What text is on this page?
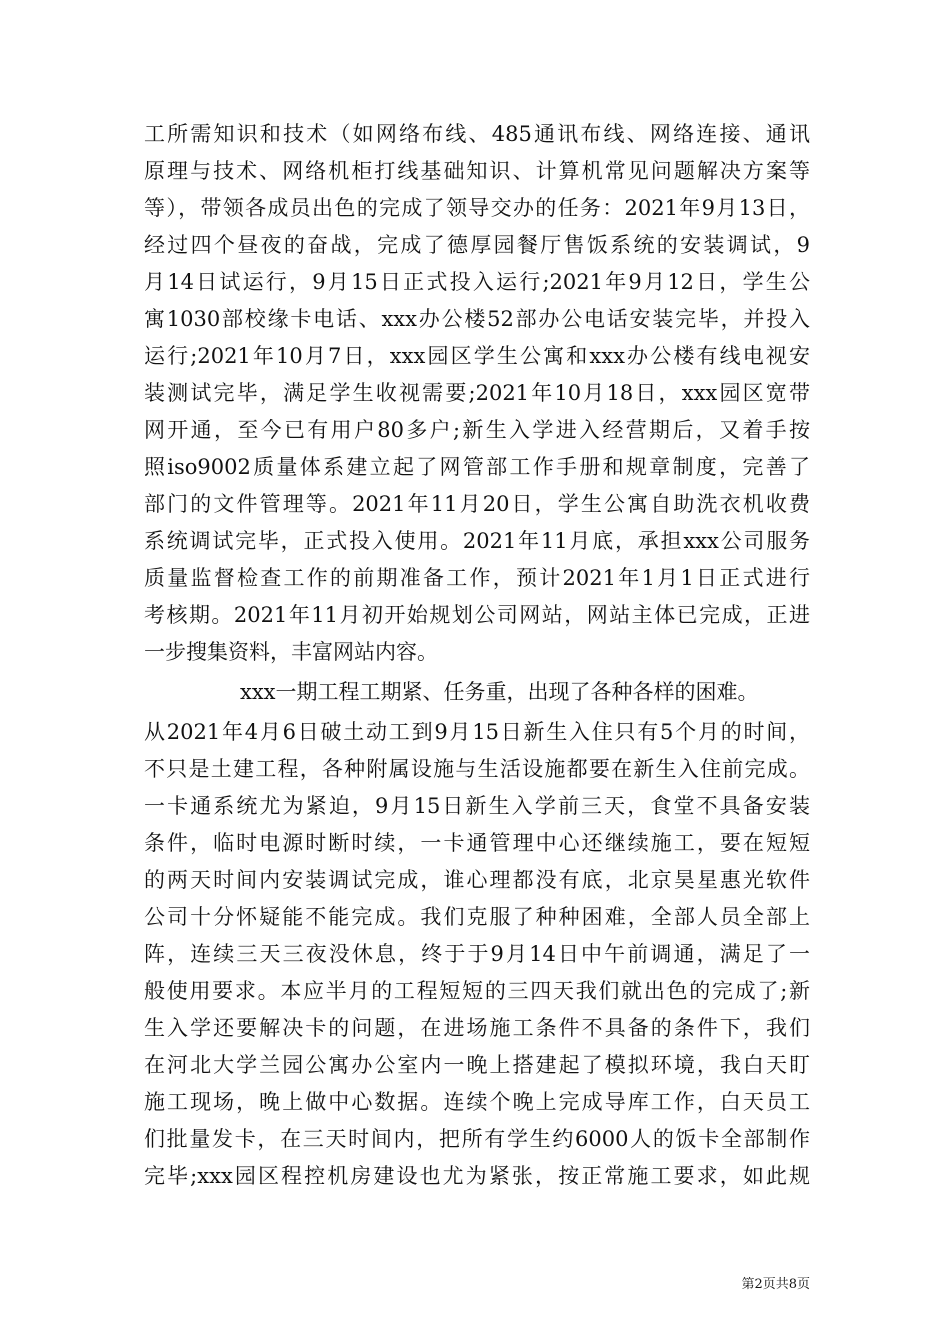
工所需知识和技术（如网络布线、485通讯布线、网络连接、通讯
原理与技术、网络机柜打线基础知识、计算机常见问题解决方案等
等），带领各成员出色的完成了领导交办的任务：2021年9月13日，
经过四个昼夜的奋战，完成了德厚园餐厅售饭系统的安装调试，9
月14日试运行，9月15日正式投入运行;2021年9月12日，学生公
寓1030部校缘卡电话、xxx办公楼52部办公电话安装完毕，并投入
运行;2021年10月7日，xxx园区学生公寓和xxx办公楼有线电视安
装测试完毕，满足学生收视需要;2021年10月18日，xxx园区宽带
网开通，至今已有用户80多户;新生入学进入经营期后，又着手按
照iso9002质量体系建立起了网管部工作手册和规章制度，完善了
部门的文件管理等。2021年11月20日，学生公寓自助洗衣机收费
系统调试完毕，正式投入使用。2021年11月底，承担xxx公司服务
质量监督检查工作的前期准备工作，预计2021年1月1日正式进行
考核期。2021年11月初开始规划公司网站，网站主体已完成，正进
一步搜集资料，丰富网站内容。
xxx一期工程工期紧、任务重，出现了各种各样的困难。
从2021年4月6日破土动工到9月15日新生入住只有5个月的时间，
不只是土建工程，各种附属设施与生活设施都要在新生入住前完成。
一卡通系统尤为紧迫，9月15日新生入学前三天，食堂不具备安装
条件，临时电源时断时续，一卡通管理中心还继续施工，要在短短
的两天时间内安装调试完成，谁心理都没有底，北京昊星惠光软件
公司十分怀疑能不能完成。我们克服了种种困难，全部人员全部上
阵，连续三天三夜没休息，终于于9月14日中午前调通，满足了一
般使用要求。本应半月的工程短短的三四天我们就出色的完成了;新
生入学还要解决卡的问题，在进场施工条件不具备的条件下，我们
在河北大学兰园公寓办公室内一晚上搭建起了模拟环境，我白天盯
施工现场，晚上做中心数据。连续个晚上完成导库工作，白天员工
们批量发卡，在三天时间内，把所有学生约6000人的饭卡全部制作
完毕;xxx园区程控机房建设也尤为紧张，按正常施工要求，如此规
第2页共8页
